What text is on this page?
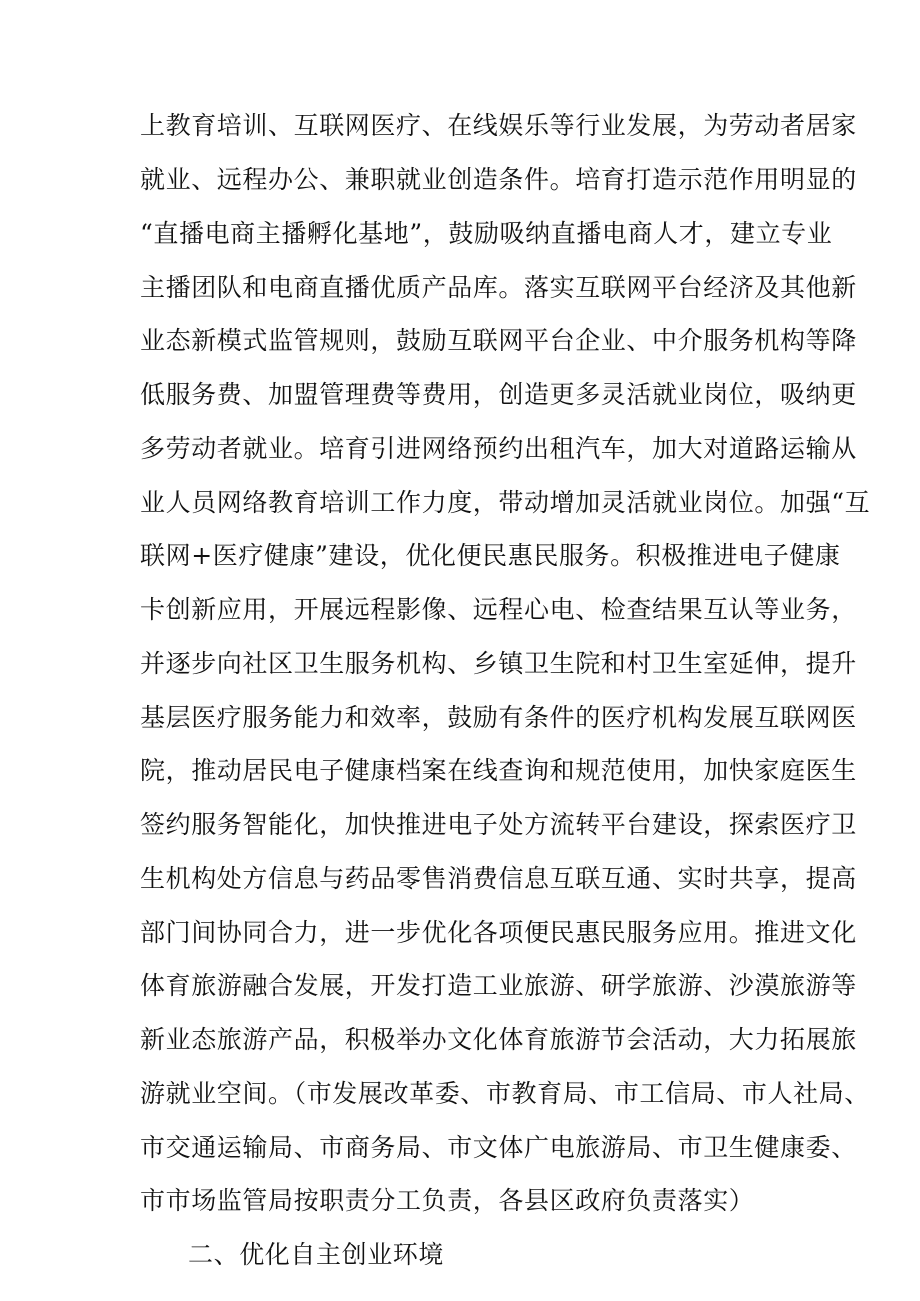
上教育培训、互联网医疗、在线娱乐等行业发展，为劳动者居家
就业、远程办公、兼职就业创造条件。培育打造示范作用明显的
“直播电商主播孵化基地”，鼓励吸纳直播电商人才，建立专业
主播团队和电商直播优质产品库。落实互联网平台经济及其他新
业态新模式监管规则，鼓励互联网平台企业、中介服务机构等降
低服务费、加盟管理费等费用，创造更多灵活就业岗位，吸纳更
多劳动者就业。培育引进网络预约出租汽车，加大对道路运输从
业人员网络教育培训工作力度，带动增加灵活就业岗位。加强“互
联网+医疗健康”建设，优化便民惠民服务。积极推进电子健康
卡创新应用，开展远程影像、远程心电、检查结果互认等业务，
并逐步向社区卫生服务机构、乡镇卫生院和村卫生室延伸，提升
基层医疗服务能力和效率，鼓励有条件的医疗机构发展互联网医
院，推动居民电子健康档案在线查询和规范使用，加快家庭医生
签约服务智能化，加快推进电子处方流转平台建设，探索医疗卫
生机构处方信息与药品零售消费信息互联互通、实时共享，提高
部门间协同合力，进一步优化各项便民惠民服务应用。推进文化
体育旅游融合发展，开发打造工业旅游、研学旅游、沙漠旅游等
新业态旅游产品，积极举办文化体育旅游节会活动，大力拓展旅
游就业空间。（市发展改革委、市教育局、市工信局、市人社局、
市交通运输局、市商务局、市文体广电旅游局、市卫生健康委、
市市场监管局按职责分工负责，各县区政府负责落实）
二、优化自主创业环境
